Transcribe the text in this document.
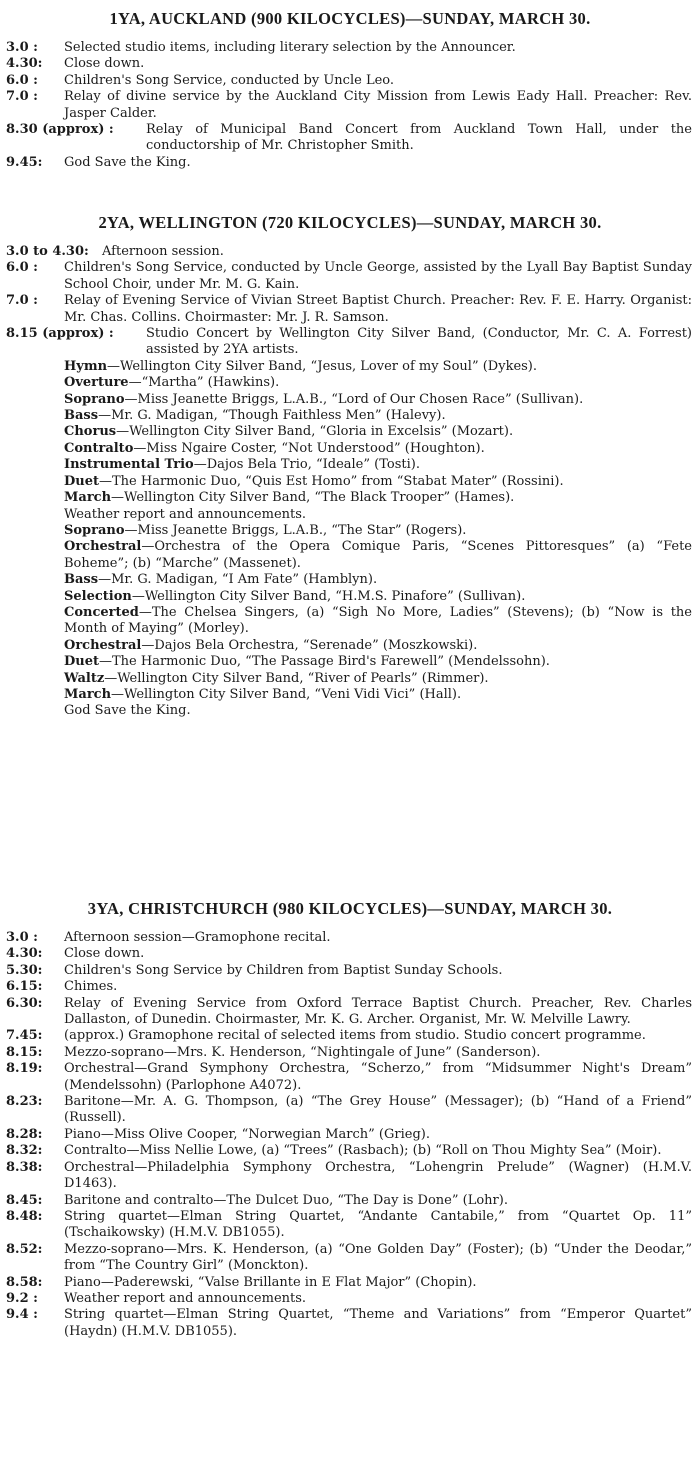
1YA, AUCKLAND (900 KILOCYCLES)—SUNDAY, MARCH 30.
3.0 : Selected studio items, including literary selection by the Announcer.
4.30: Close down.
6.0 : Children's Song Service, conducted by Uncle Leo.
7.0 : Relay of divine service by the Auckland City Mission from Lewis Eady Hall. Preacher: Rev. Jasper Calder.
8.30 (approx) : Relay of Municipal Band Concert from Auckland Town Hall, under the conductorship of Mr. Christopher Smith.
9.45: God Save the King.
2YA, WELLINGTON (720 KILOCYCLES)—SUNDAY, MARCH 30.
3.0 to 4.30: Afternoon session.
6.0 : Children's Song Service, conducted by Uncle George, assisted by the Lyall Bay Baptist Sunday School Choir, under Mr. M. G. Kain.
7.0 : Relay of Evening Service of Vivian Street Baptist Church. Preacher: Rev. F. E. Harry. Organist: Mr. Chas. Collins. Choirmaster: Mr. J. R. Samson.
8.15 (approx) : Studio Concert by Wellington City Silver Band, (Conductor, Mr. C. A. Forrest) assisted by 2YA artists.
Hymn—Wellington City Silver Band, “Jesus, Lover of my Soul” (Dykes).
Overture—“Martha” (Hawkins).
Soprano—Miss Jeanette Briggs, L.A.B., “Lord of Our Chosen Race” (Sullivan).
Bass—Mr. G. Madigan, “Though Faithless Men” (Halevy).
Chorus—Wellington City Silver Band, “Gloria in Excelsis” (Mozart).
Contralto—Miss Ngaire Coster, “Not Understood” (Houghton).
Instrumental Trio—Dajos Bela Trio, “Ideale” (Tosti).
Duet—The Harmonic Duo, “Quis Est Homo” from “Stabat Mater” (Rossini).
March—Wellington City Silver Band, “The Black Trooper” (Hames).
Weather report and announcements.
Soprano—Miss Jeanette Briggs, L.A.B., “The Star” (Rogers).
Orchestral—Orchestra of the Opera Comique Paris, “Scenes Pittoresques” (a) “Fete Boheme”; (b) “Marche” (Massenet).
Bass—Mr. G. Madigan, “I Am Fate” (Hamblyn).
Selection—Wellington City Silver Band, “H.M.S. Pinafore” (Sullivan).
Concerted—The Chelsea Singers, (a) “Sigh No More, Ladies” (Stevens); (b) “Now is the Month of Maying” (Morley).
Orchestral—Dajos Bela Orchestra, “Serenade” (Moszkowski).
Duet—The Harmonic Duo, “The Passage Bird's Farewell” (Mendelssohn).
Waltz—Wellington City Silver Band, “River of Pearls” (Rimmer).
March—Wellington City Silver Band, “Veni Vidi Vici” (Hall).
God Save the King.
3YA, CHRISTCHURCH (980 KILOCYCLES)—SUNDAY, MARCH 30.
3.0 : Afternoon session—Gramophone recital.
4.30: Close down.
5.30: Children's Song Service by Children from Baptist Sunday Schools.
6.15: Chimes.
6.30: Relay of Evening Service from Oxford Terrace Baptist Church. Preacher, Rev. Charles Dallaston, of Dunedin. Choirmaster, Mr. K. G. Archer. Organist, Mr. W. Melville Lawry.
7.45: (approx.) Gramophone recital of selected items from studio. Studio concert programme.
8.15: Mezzo-soprano—Mrs. K. Henderson, “Nightingale of June” (Sanderson).
8.19: Orchestral—Grand Symphony Orchestra, “Scherzo,” from “Midsummer Night's Dream” (Mendelssohn) (Parlophone A4072).
8.23: Baritone—Mr. A. G. Thompson, (a) “The Grey House” (Messager); (b) “Hand of a Friend” (Russell).
8.28: Piano—Miss Olive Cooper, “Norwegian March” (Grieg).
8.32: Contralto—Miss Nellie Lowe, (a) “Trees” (Rasbach); (b) “Roll on Thou Mighty Sea” (Moir).
8.38: Orchestral—Philadelphia Symphony Orchestra, “Lohengrin Prelude” (Wagner) (H.M.V. D1463).
8.45: Baritone and contralto—The Dulcet Duo, “The Day is Done” (Lohr).
8.48: String quartet—Elman String Quartet, “Andante Cantabile,” from “Quartet Op. 11” (Tschaikowsky) (H.M.V. DB1055).
8.52: Mezzo-soprano—Mrs. K. Henderson, (a) “One Golden Day” (Foster); (b) “Under the Deodar,” from “The Country Girl” (Monckton).
8.58: Piano—Paderewski, “Valse Brillante in E Flat Major” (Chopin).
9.2 : Weather report and announcements.
9.4 : String quartet—Elman String Quartet, “Theme and Variations” from “Emperor Quartet” (Haydn) (H.M.V. DB1055).
